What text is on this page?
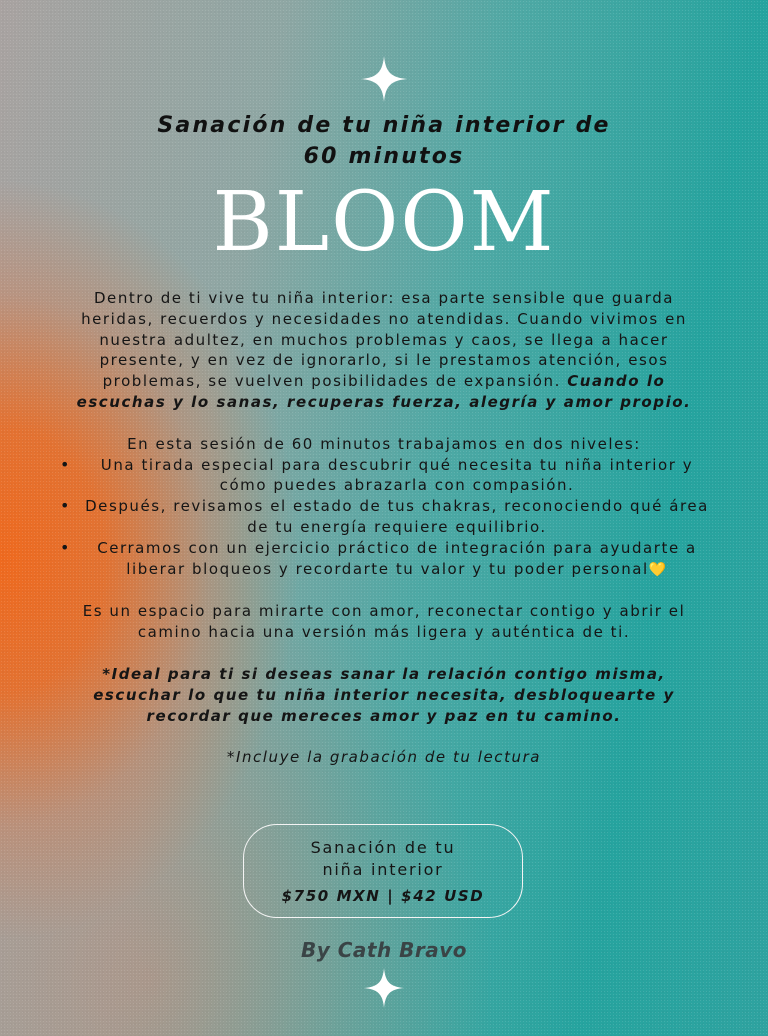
Sanación de tu niña interior de
60 minutos
BLOOM

Dentro de ti vive tu niña interior: esa parte sensible que guarda heridas, recuerdos y necesidades no atendidas. Cuando vivimos en nuestra adultez, en muchos problemas y caos, se llega a hacer presente, y en vez de ignorarlo, si le prestamos atención, esos problemas, se vuelven posibilidades de expansión. Cuando lo escuchas y lo sanas, recuperas fuerza, alegría y amor propio.

En esta sesión de 60 minutos trabajamos en dos niveles:

• Una tirada especial para descubrir qué necesita tu niña interior y cómo puedes abrazarla con compasión.
• Después, revisamos el estado de tus chakras, reconociendo qué área de tu energía requiere equilibrio.
• Cerramos con un ejercicio práctico de integración para ayudarte a liberar bloqueos y recordarte tu valor y tu poder personal💛

Es un espacio para mirarte con amor, reconectar contigo y abrir el camino hacia una versión más ligera y auténtica de ti.

*Ideal para ti si deseas sanar la relación contigo misma, escuchar lo que tu niña interior necesita, desbloquearte y recordar que mereces amor y paz en tu camino.

*Incluye la grabación de tu lectura

Sanación de tu
niña interior
$750 MXN | $42 USD
By Cath Bravo
